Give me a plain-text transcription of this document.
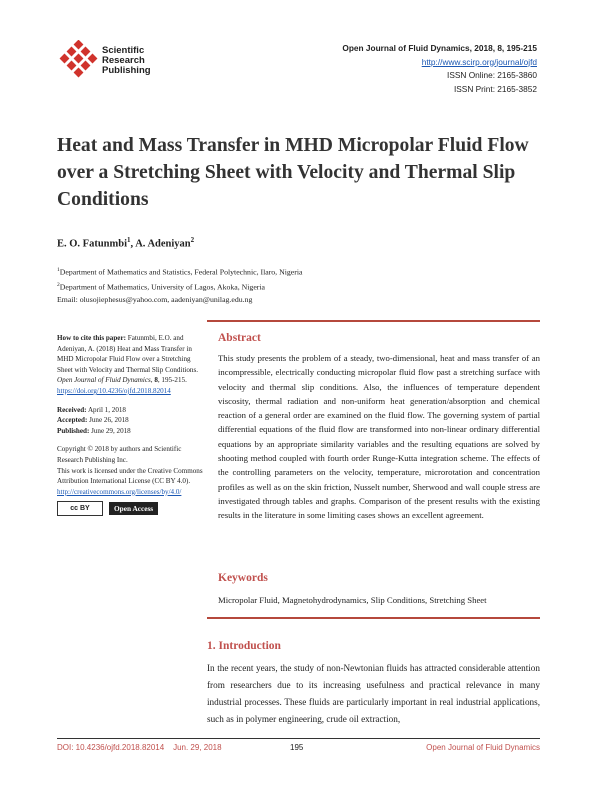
Scientific
Research
Publishing
Open Journal of Fluid Dynamics, 2018, 8, 195-215
http://www.scirp.org/journal/ojfd
ISSN Online: 2165-3860
ISSN Print: 2165-3852
Heat and Mass Transfer in MHD Micropolar Fluid Flow over a Stretching Sheet with Velocity and Thermal Slip Conditions
E. O. Fatunmbi$^1$, A. Adeniyan$^2$
$^1$Department of Mathematics and Statistics, Federal Polytechnic, Ilaro, Nigeria
$^2$Department of Mathematics, University of Lagos, Akoka, Nigeria
Email: olusojiephesus@yahoo.com, aadeniyan@unilag.edu.ng

How to cite this paper: Fatunmbi, E.O. and Adeniyan, A. (2018) Heat and Mass Transfer in MHD Micropolar Fluid Flow over a Stretching Sheet with Velocity and Thermal Slip Conditions. Open Journal of Fluid Dynamics, 8, 195-215.
https://doi.org/10.4236/ojfd.2018.82014

Received: April 1, 2018
Accepted: June 26, 2018
Published: June 29, 2018

Copyright © 2018 by authors and Scientific Research Publishing Inc.
This work is licensed under the Creative Commons Attribution International License (CC BY 4.0).
http://creativecommons.org/licenses/by/4.0/

cc BY	Open Access
Abstract
This study presents the problem of a steady, two-dimensional, heat and mass transfer of an incompressible, electrically conducting micropolar fluid flow past a stretching surface with velocity and thermal slip conditions. Also, the influences of temperature dependent viscosity, thermal radiation and non-uniform heat generation/absorption and chemical reaction of a general order are examined on the fluid flow. The governing system of partial differential equations of the fluid flow are transformed into non-linear ordinary differential equations by an appropriate similarity variables and the resulting equations are solved by shooting method coupled with fourth order Runge-Kutta integration scheme. The effects of the controlling parameters on the velocity, temperature, microrotation and concentration profiles as well as on the skin friction, Nusselt number, Sherwood and wall couple stress are investigated through tables and graphs. Comparison of the present results with the existing results in the literature in some limiting cases shows an excellent agreement.
Keywords
Micropolar Fluid, Magnetohydrodynamics, Slip Conditions, Stretching Sheet
1. Introduction
In the recent years, the study of non-Newtonian fluids has attracted considerable attention from researchers due to its increasing usefulness and practical relevance in many industrial processes. These fluids are particularly important in real industrial applications, such as in polymer engineering, crude oil extraction,
DOI: 10.4236/ojfd.2018.82014    Jun. 29, 2018	195	Open Journal of Fluid Dynamics
